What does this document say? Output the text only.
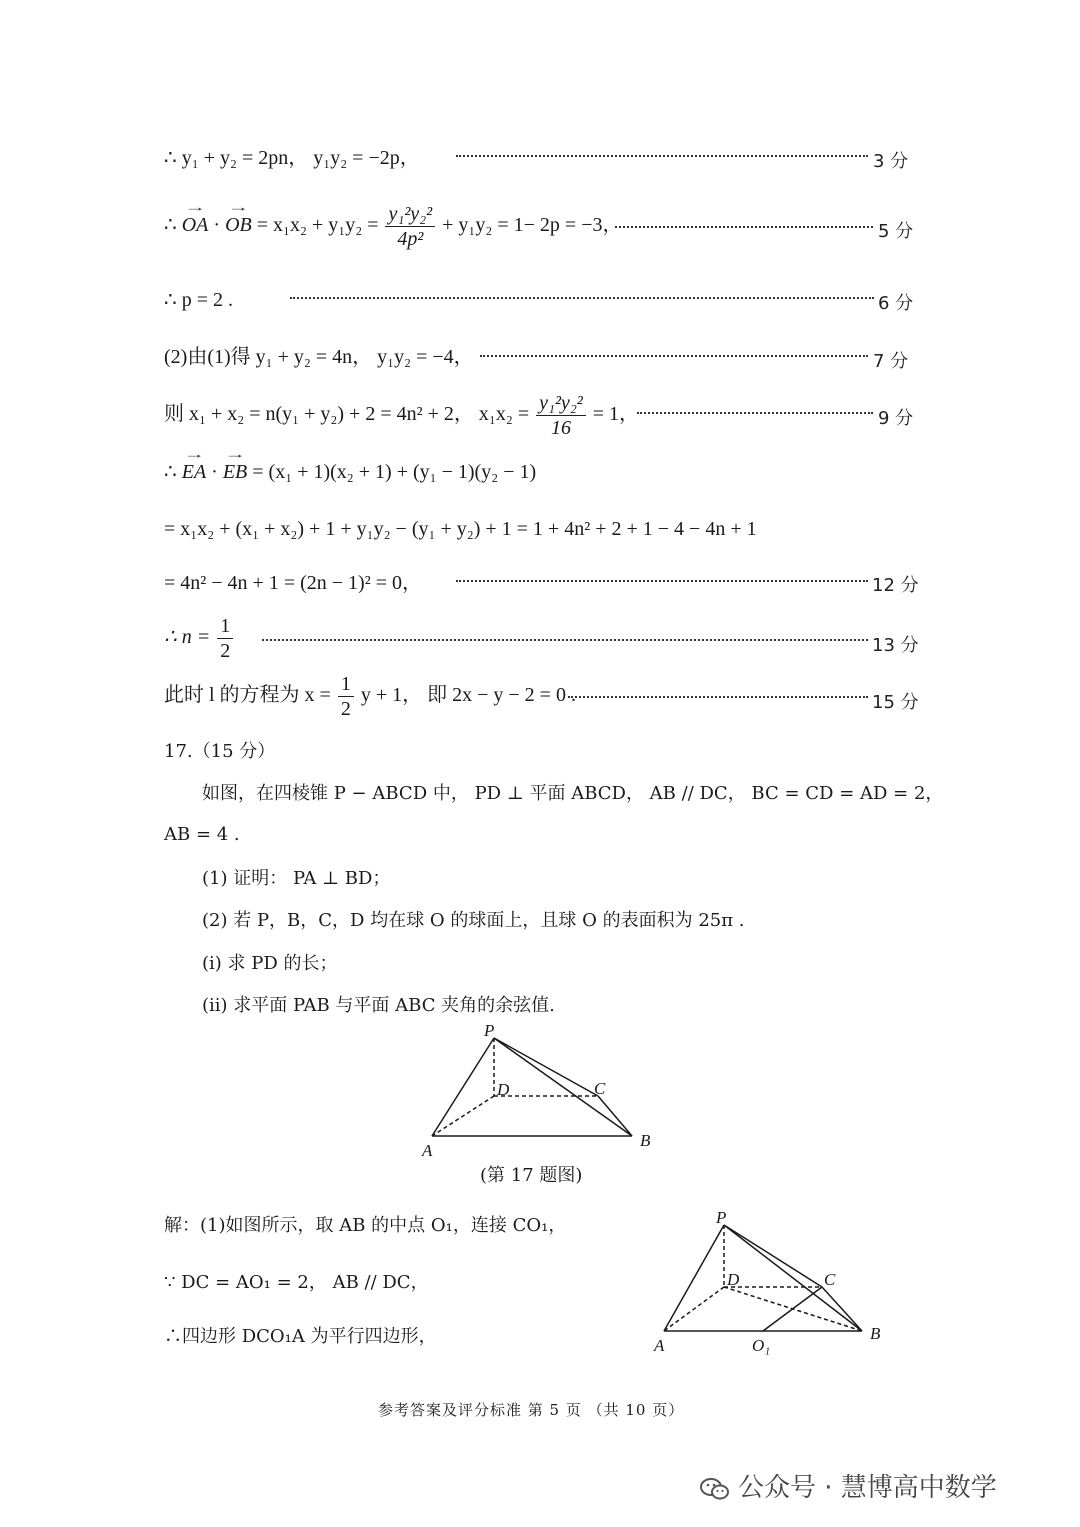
∴ y₁ + y₂ = 2pn， y₁y₂ = −2p，	3 分
∴ → OA · → OB = $x_1x_2 + y_1y_2 = \frac{\text{y₁²y₂²}}{\text{4p²}} + y_1y_2 = 1- 2p = -3$，	5 分
∴ p = 2 .	6 分
(2)由(1)得 y₁ + y₂ = 4n， y₁y₂ = −4，	7 分
则 x₁ + x₂ = n(y₁ + y₂) + 2 = 4n² + 2， $x_1x_2 = \frac{\text{y₁²y₂²}}{16} = 1$，	9 分
∴ → EA · → EB = (x₁ + 1)(x₂ + 1) + (y₁ − 1)(y₂ − 1)
= x₁x₂ + (x₁ + x₂) + 1 + y₁y₂ − (y₁ + y₂) + 1 = 1 + 4n² + 2 + 1 − 4 − 4n + 1
= 4n² − 4n + 1 = (2n − 1)² = 0，	12 分
∴ $n = \frac{1}{2}$	13 分
此时 l 的方程为 $x = \frac{1}{2}$ y + 1， 即 2x − y − 2 = 0 .	15 分
17.（15 分）
如图，在四棱锥 P − ABCD 中， PD ⊥ 平面 ABCD， AB // DC， BC = CD = AD = 2，
AB = 4 .
(1) 证明： PA ⊥ BD；
(2) 若 P，B，C，D 均在球 O 的球面上，且球 O 的表面积为 25π .
(i) 求 PD 的长；
(ii) 求平面 PAB 与平面 ABC 夹角的余弦值.
P
D	C
A
B
(第 17 题图)
解：(1)如图所示，取 AB 的中点 O₁，连接 CO₁，
∵ DC = AO₁ = 2， AB // DC，
∴四边形 DCO₁A 为平行四边形，
P
D	C
A
B
O₁
参考答案及评分标准 第 5 页 （共 10 页）
公众号 · 慧博高中数学
